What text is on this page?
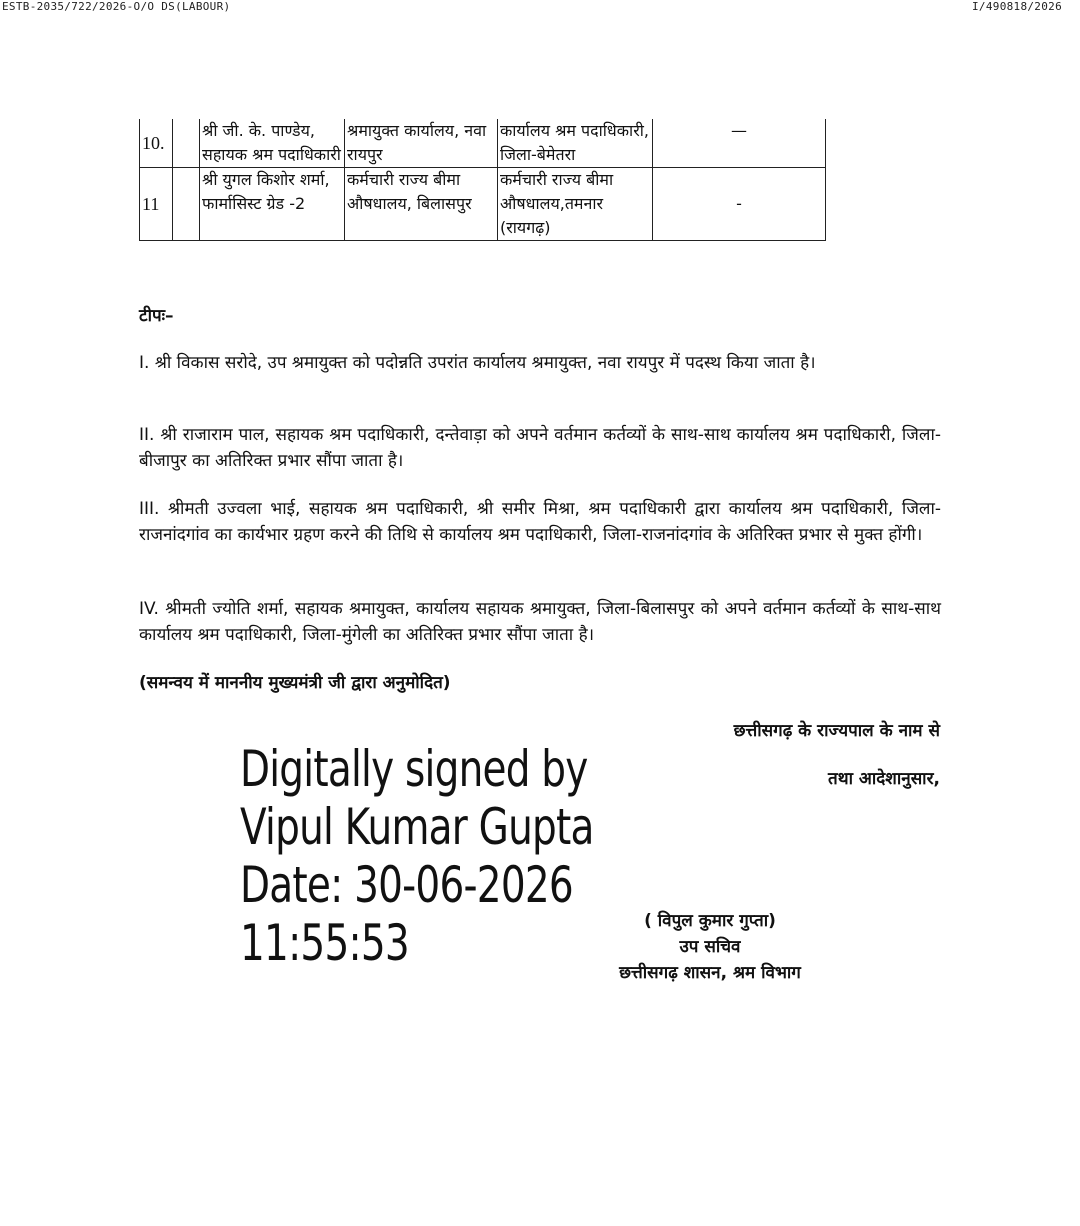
ESTB-2035/722/2026-O/O DS(LABOUR)	I/490818/2026
10.		श्री जी. के. पाण्डेय, सहायक श्रम पदाधिकारी	श्रमायुक्त कार्यालय, नवा रायपुर	कार्यालय श्रम पदाधिकारी, जिला-बेमेतरा	—
11		श्री युगल किशोर शर्मा, फार्मासिस्ट ग्रेड -2	कर्मचारी राज्य बीमा औषधालय, बिलासपुर	कर्मचारी राज्य बीमा औषधालय,तमनार (रायगढ़)	-
टीपः–
I. श्री विकास सरोदे, उप श्रमायुक्त को पदोन्नति उपरांत कार्यालय श्रमायुक्त, नवा रायपुर में पदस्थ किया जाता है।
II. श्री राजाराम पाल, सहायक श्रम पदाधिकारी, दन्तेवाड़ा को अपने वर्तमान कर्तव्यों के साथ-साथ कार्यालय श्रम पदाधिकारी, जिला-बीजापुर का अतिरिक्त प्रभार सौंपा जाता है।
III. श्रीमती उज्वला भाई, सहायक श्रम पदाधिकारी, श्री समीर मिश्रा, श्रम पदाधिकारी द्वारा कार्यालय श्रम पदाधिकारी, जिला-राजनांदगांव का कार्यभार ग्रहण करने की तिथि से कार्यालय श्रम पदाधिकारी, जिला-राजनांदगांव के अतिरिक्त प्रभार से मुक्त होंगी।
IV. श्रीमती ज्योति शर्मा, सहायक श्रमायुक्त, कार्यालय सहायक श्रमायुक्त, जिला-बिलासपुर को अपने वर्तमान कर्तव्यों के साथ-साथ कार्यालय श्रम पदाधिकारी, जिला-मुंगेली का अतिरिक्त प्रभार सौंपा जाता है।
(समन्वय में माननीय मुख्यमंत्री जी द्वारा अनुमोदित)
छत्तीसगढ़ के राज्यपाल के नाम से
तथा आदेशानुसार,
Digitally signed by
Vipul Kumar Gupta
Date: 30-06-2026
11:55:53	( विपुल कुमार गुप्ता)
उप सचिव
छत्तीसगढ़ शासन, श्रम विभाग
